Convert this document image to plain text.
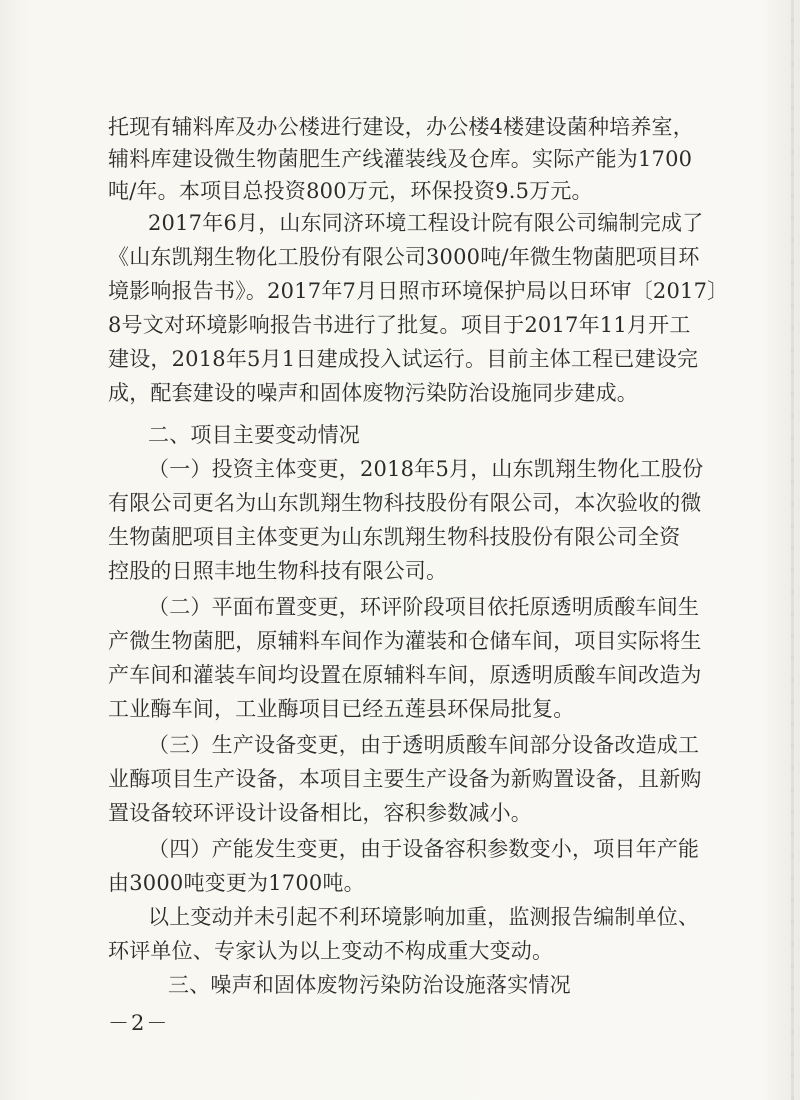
托现有辅料库及办公楼进行建设，办公楼4楼建设菌种培养室，
辅料库建设微生物菌肥生产线灌装线及仓库。实际产能为1700
吨/年。本项目总投资800万元，环保投资9.5万元。
2017年6月，山东同济环境工程设计院有限公司编制完成了
《山东凯翔生物化工股份有限公司3000吨/年微生物菌肥项目环
境影响报告书》。2017年7月日照市环境保护局以日环审〔2017〕
8号文对环境影响报告书进行了批复。项目于2017年11月开工
建设，2018年5月1日建成投入试运行。目前主体工程已建设完
成，配套建设的噪声和固体废物污染防治设施同步建成。
二、项目主要变动情况
（一）投资主体变更，2018年5月，山东凯翔生物化工股份
有限公司更名为山东凯翔生物科技股份有限公司，本次验收的微
生物菌肥项目主体变更为山东凯翔生物科技股份有限公司全资
控股的日照丰地生物科技有限公司。
（二）平面布置变更，环评阶段项目依托原透明质酸车间生
产微生物菌肥，原辅料车间作为灌装和仓储车间，项目实际将生
产车间和灌装车间均设置在原辅料车间，原透明质酸车间改造为
工业酶车间，工业酶项目已经五莲县环保局批复。
（三）生产设备变更，由于透明质酸车间部分设备改造成工
业酶项目生产设备，本项目主要生产设备为新购置设备，且新购
置设备较环评设计设备相比，容积参数减小。
（四）产能发生变更，由于设备容积参数变小，项目年产能
由3000吨变更为1700吨。
以上变动并未引起不利环境影响加重，监测报告编制单位、
环评单位、专家认为以上变动不构成重大变动。
三、噪声和固体废物污染防治设施落实情况
－2－
